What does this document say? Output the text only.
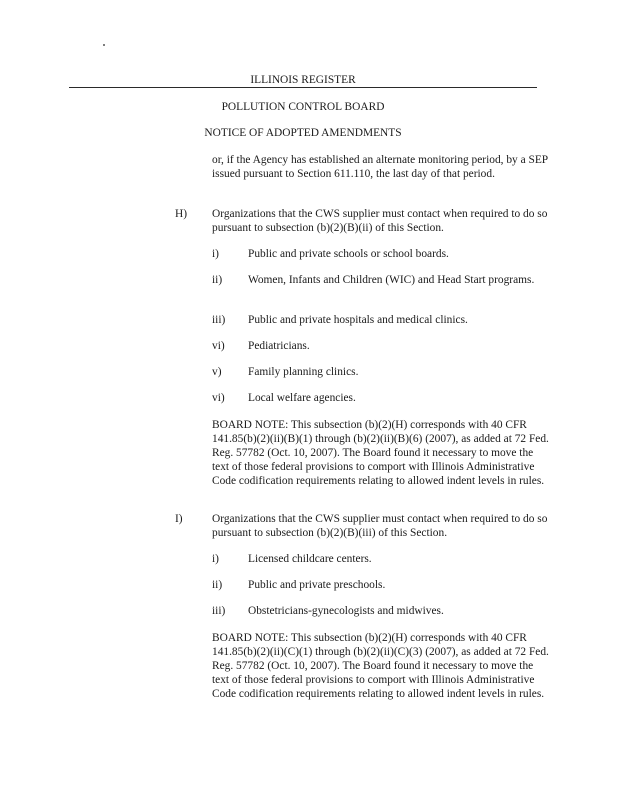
ILLINOIS REGISTER
POLLUTION CONTROL BOARD
NOTICE OF ADOPTED AMENDMENTS
or, if the Agency has established an alternate monitoring period, by a SEP issued pursuant to Section 611.110, the last day of that period.
H) Organizations that the CWS supplier must contact when required to do so pursuant to subsection (b)(2)(B)(ii) of this Section.
i)	Public and private schools or school boards.
ii) Women, Infants and Children (WIC) and Head Start programs.
iii) Public and private hospitals and medical clinics.
vi) Pediatricians.
v) Family planning clinics.
vi) Local welfare agencies.
BOARD NOTE: This subsection (b)(2)(H) corresponds with 40 CFR 141.85(b)(2)(ii)(B)(1) through (b)(2)(ii)(B)(6) (2007), as added at 72 Fed. Reg. 57782 (Oct. 10, 2007). The Board found it necessary to move the text of those federal provisions to comport with Illinois Administrative Code codification requirements relating to allowed indent levels in rules.
I)	Organizations that the CWS supplier must contact when required to do so pursuant to subsection (b)(2)(B)(iii) of this Section.
i)	Licensed childcare centers.
ii) Public and private preschools.
iii) Obstetricians-gynecologists and midwives.
BOARD NOTE: This subsection (b)(2)(H) corresponds with 40 CFR 141.85(b)(2)(ii)(C)(1) through (b)(2)(ii)(C)(3) (2007), as added at 72 Fed. Reg. 57782 (Oct. 10, 2007). The Board found it necessary to move the text of those federal provisions to comport with Illinois Administrative Code codification requirements relating to allowed indent levels in rules.
